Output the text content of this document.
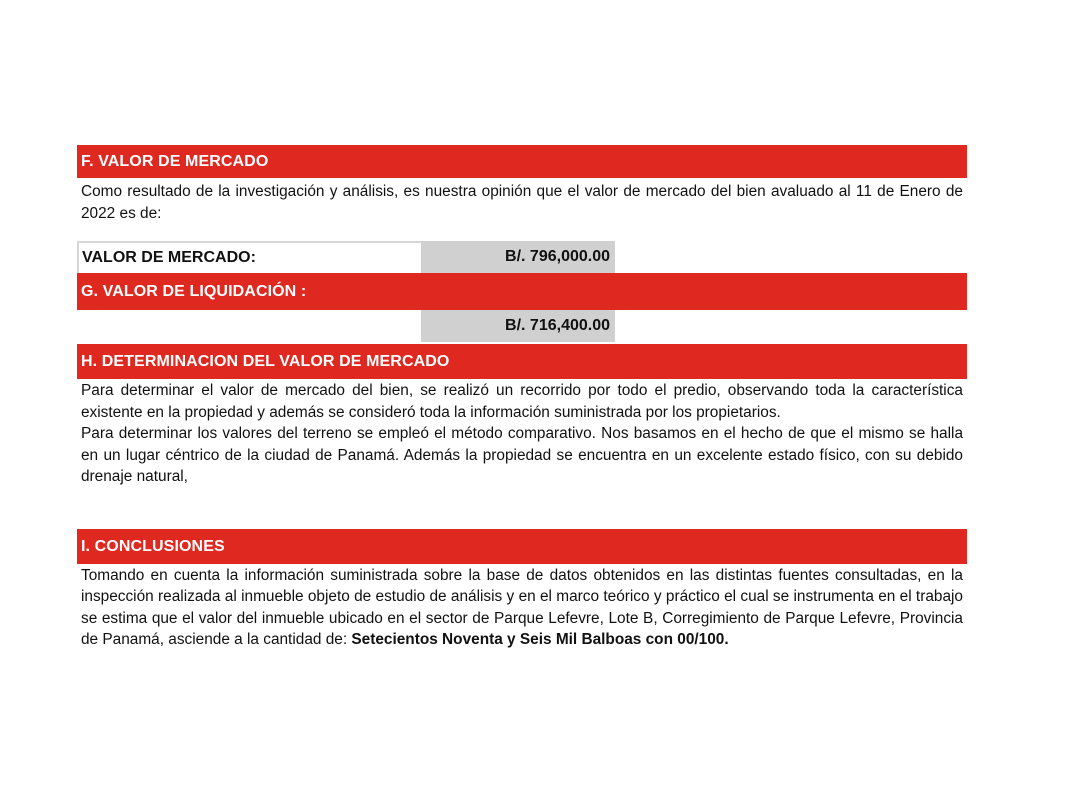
F. VALOR DE MERCADO
Como resultado de la investigación y análisis, es nuestra opinión que el valor de mercado del bien avaluado al 11 de Enero de 2022 es de:
VALOR DE MERCADO:	B/. 796,000.00
G. VALOR DE LIQUIDACIÓN :
B/. 716,400.00
H. DETERMINACION DEL VALOR DE MERCADO
Para determinar el valor de mercado del bien, se realizó un recorrido por todo el predio, observando toda la característica existente en la propiedad y además se consideró toda la información suministrada por los propietarios.
Para determinar los valores del terreno se empleó el método comparativo. Nos basamos en el hecho de que el mismo se halla en un lugar céntrico de la ciudad de Panamá. Además la propiedad se encuentra en un excelente estado físico, con su debido drenaje natural,
I. CONCLUSIONES
Tomando en cuenta la información suministrada sobre la base de datos obtenidos en las distintas fuentes consultadas, en la inspección realizada al inmueble objeto de estudio de análisis y en el marco teórico y práctico el cual se instrumenta en el trabajo se estima que el valor del inmueble ubicado en el sector de Parque Lefevre, Lote B, Corregimiento de Parque Lefevre, Provincia de Panamá, asciende a la cantidad de: Setecientos Noventa y Seis Mil Balboas con 00/100.
